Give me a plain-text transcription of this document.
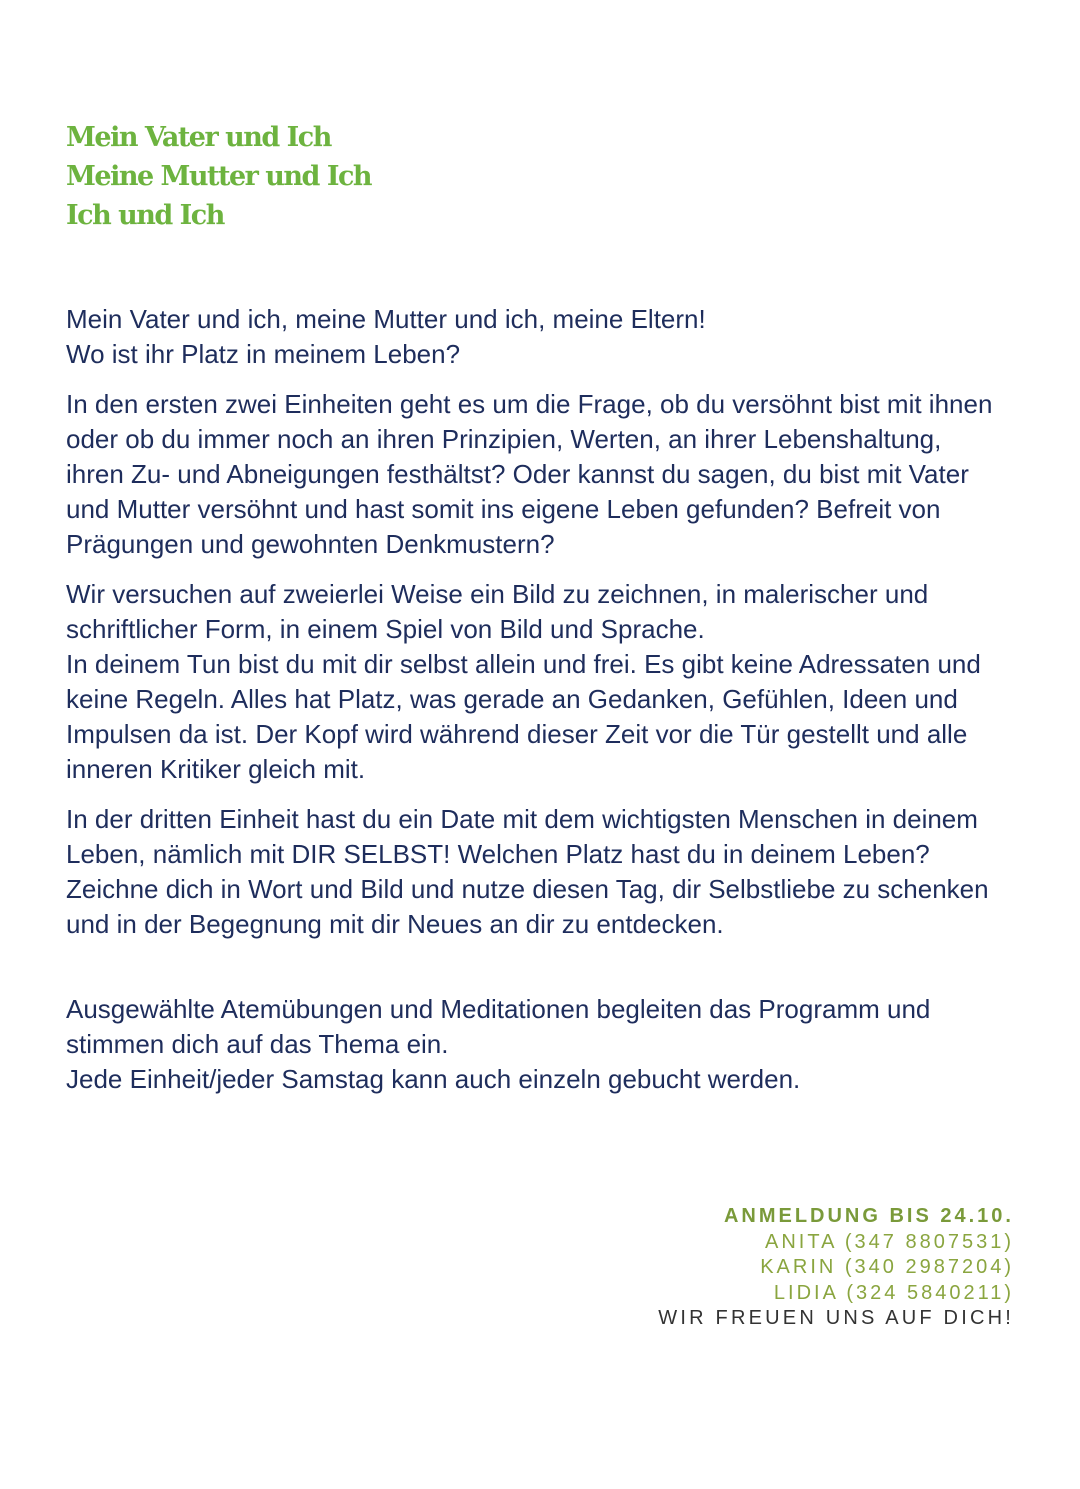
Mein Vater und Ich
Meine Mutter und Ich
Ich und Ich

Mein Vater und ich, meine Mutter und ich, meine Eltern!
Wo ist ihr Platz in meinem Leben?

In den ersten zwei Einheiten geht es um die Frage, ob du versöhnt bist mit ihnen
oder ob du immer noch an ihren Prinzipien, Werten, an ihrer Lebenshaltung,
ihren Zu- und Abneigungen festhältst? Oder kannst du sagen, du bist mit Vater
und Mutter versöhnt und hast somit ins eigene Leben gefunden? Befreit von
Prägungen und gewohnten Denkmustern?

Wir versuchen auf zweierlei Weise ein Bild zu zeichnen, in malerischer und
schriftlicher Form, in einem Spiel von Bild und Sprache.
In deinem Tun bist du mit dir selbst allein und frei. Es gibt keine Adressaten und
keine Regeln. Alles hat Platz, was gerade an Gedanken, Gefühlen, Ideen und
Impulsen da ist. Der Kopf wird während dieser Zeit vor die Tür gestellt und alle
inneren Kritiker gleich mit.

In der dritten Einheit hast du ein Date mit dem wichtigsten Menschen in deinem
Leben, nämlich mit DIR SELBST! Welchen Platz hast du in deinem Leben?
Zeichne dich in Wort und Bild und nutze diesen Tag, dir Selbstliebe zu schenken
und in der Begegnung mit dir Neues an dir zu entdecken.

Ausgewählte Atemübungen und Meditationen begleiten das Programm und
stimmen dich auf das Thema ein.
Jede Einheit/jeder Samstag kann auch einzeln gebucht werden.

ANMELDUNG BIS 24.10.
ANITA (347 8807531)
KARIN (340 2987204)
LIDIA (324 5840211)
WIR FREUEN UNS AUF DICH!
